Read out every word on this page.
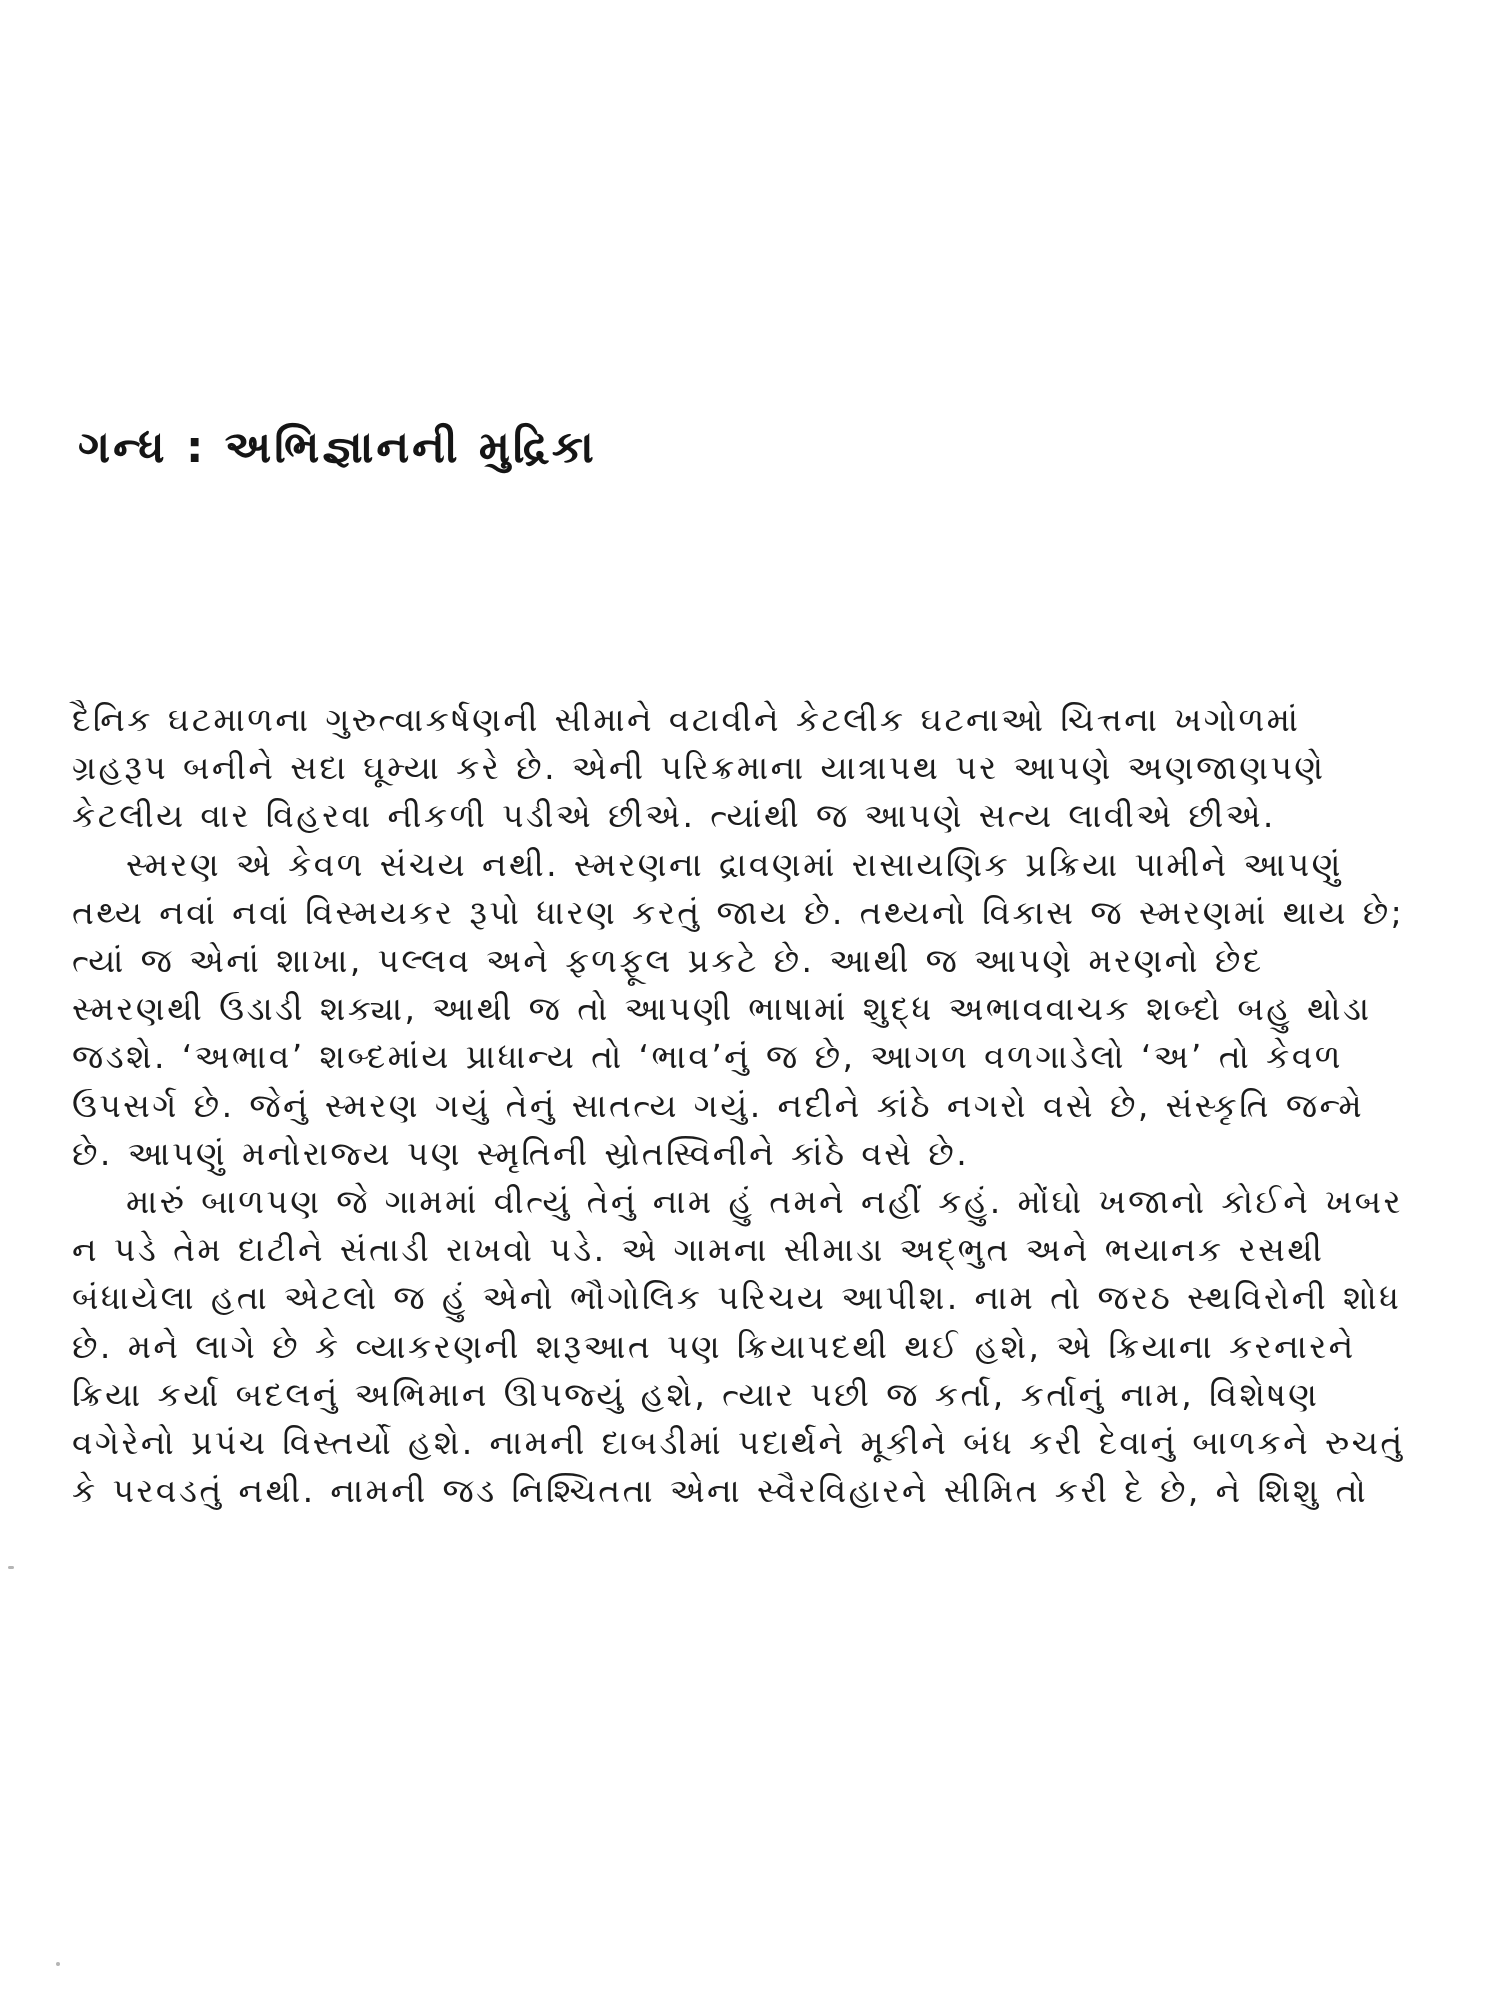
ગન્ધ : અભિજ્ઞાનની મુદ્રિકા

દૈનિક ઘટમાળના ગુરુત્વાકર્ષણની સીમાને વટાવીને કેટલીક ઘટનાઓ ચિત્તના ખગોળમાં ગ્રહરૂપ બનીને સદા ઘૂમ્યા કરે છે. એની પરિક્રમાના યાત્રાપથ પર આપણે અણજાણપણે કેટલીય વાર વિહરવા નીકળી પડીએ છીએ. ત્યાંથી જ આપણે સત્ય લાવીએ છીએ.

સ્મરણ એ કેવળ સંચય નથી. સ્મરણના દ્રાવણમાં રાસાયણિક પ્રક્રિયા પામીને આપણું તથ્ય નવાં નવાં વિસ્મયકર રૂપો ધારણ કરતું જાય છે. તથ્યનો વિકાસ જ સ્મરણમાં થાય છે; ત્યાં જ એનાં શાખા, પલ્લવ અને ફળફૂલ પ્રકટે છે. આથી જ આપણે મરણનો છેદ સ્મરણથી ઉડાડી શક્યા, આથી જ તો આપણી ભાષામાં શુદ્ધ અભાવવાચક શબ્દો બહુ થોડા જડશે. ‘અભાવ’ શબ્દમાંય પ્રાધાન્ય તો ‘ભાવ’નું જ છે, આગળ વળગાડેલો ‘અ’ તો કેવળ ઉપસર્ગ છે. જેનું સ્મરણ ગયું તેનું સાતત્ય ગયું. નદીને કાંઠે નગરો વસે છે, સંસ્કૃતિ જન્મે છે. આપણું મનોરાજ્ય પણ સ્મૃતિની સ્રોતસ્વિનીને કાંઠે વસે છે.

મારું બાળપણ જે ગામમાં વીત્યું તેનું નામ હું તમને નહીં કહું. મોંઘો ખજાનો કોઈને ખબર ન પડે તેમ દાટીને સંતાડી રાખવો પડે. એ ગામના સીમાડા અદ્ભુત અને ભયાનક રસથી બંધાયેલા હતા એટલો જ હું એનો ભૌગોલિક પરિચય આપીશ. નામ તો જરઠ સ્થવિરોની શોધ છે. મને લાગે છે કે વ્યાકરણની શરૂઆત પણ ક્રિયાપદથી થઈ હશે, એ ક્રિયાના કરનારને ક્રિયા કર્યા બદલનું અભિમાન ઊપજ્યું હશે, ત્યાર પછી જ કર્તા, કર્તાનું નામ, વિશેષણ વગેરેનો પ્રપંચ વિસ્તર્યો હશે. નામની દાબડીમાં પદાર્થને મૂકીને બંધ કરી દેવાનું બાળકને રુચતું કે પરવડતું નથી. નામની જડ નિશ્ચિતતા એના સ્વૈરવિહારને સીમિત કરી દે છે, ને શિશુ તો
